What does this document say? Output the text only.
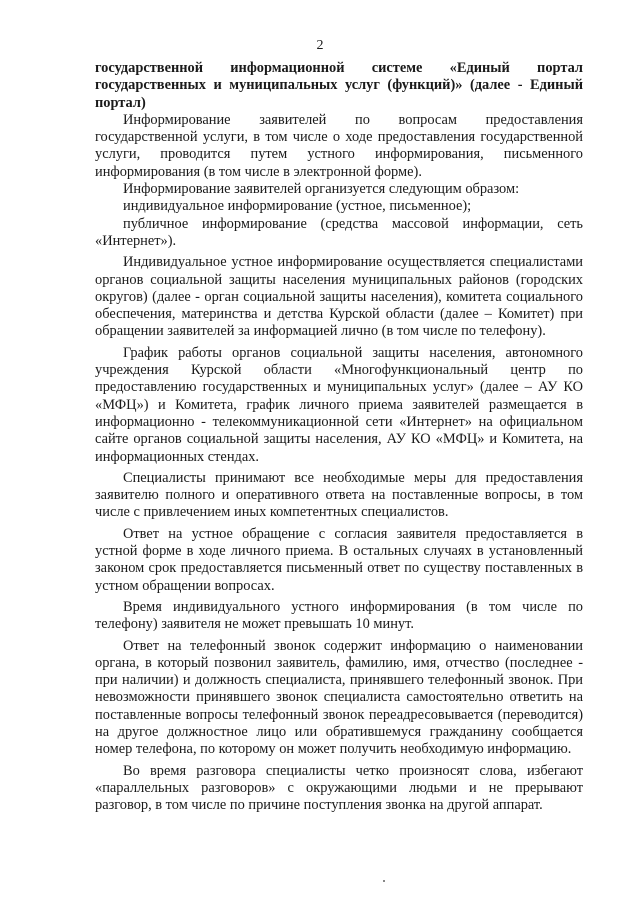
2

государственной информационной системе «Единый портал государственных и муниципальных услуг (функций)» (далее - Единый портал)

Информирование заявителей по вопросам предоставления государственной услуги, в том числе о ходе предоставления государственной услуги, проводится путем устного информирования, письменного информирования (в том числе в электронной форме).

Информирование заявителей организуется следующим образом:

индивидуальное информирование (устное, письменное);

публичное информирование (средства массовой информации, сеть «Интернет»).

Индивидуальное устное информирование осуществляется специалистами органов социальной защиты населения муниципальных районов (городских округов) (далее - орган социальной защиты населения), комитета социального обеспечения, материнства и детства Курской области (далее – Комитет) при обращении заявителей за информацией лично (в том числе по телефону).

График работы органов социальной защиты населения, автономного учреждения Курской области «Многофункциональный центр по предоставлению государственных и муниципальных услуг» (далее – АУ КО «МФЦ») и Комитета, график личного приема заявителей размещается в информационно - телекоммуникационной сети «Интернет» на официальном сайте органов социальной защиты населения, АУ КО «МФЦ» и Комитета, на информационных стендах.

Специалисты принимают все необходимые меры для предоставления заявителю полного и оперативного ответа на поставленные вопросы, в том числе с привлечением иных компетентных специалистов.

Ответ на устное обращение с согласия заявителя предоставляется в устной форме в ходе личного приема. В остальных случаях в установленный законом срок предоставляется письменный ответ по существу поставленных в устном обращении вопросах.

Время индивидуального устного информирования (в том числе по телефону) заявителя не может превышать 10 минут.

Ответ на телефонный звонок содержит информацию о наименовании органа, в который позвонил заявитель, фамилию, имя, отчество (последнее - при наличии) и должность специалиста, принявшего телефонный звонок. При невозможности принявшего звонок специалиста самостоятельно ответить на поставленные вопросы телефонный звонок переадресовывается (переводится) на другое должностное лицо или обратившемуся гражданину сообщается номер телефона, по которому он может получить необходимую информацию.

Во время разговора специалисты четко произносят слова, избегают «параллельных разговоров» с окружающими людьми и не прерывают разговор, в том числе по причине поступления звонка на другой аппарат.
